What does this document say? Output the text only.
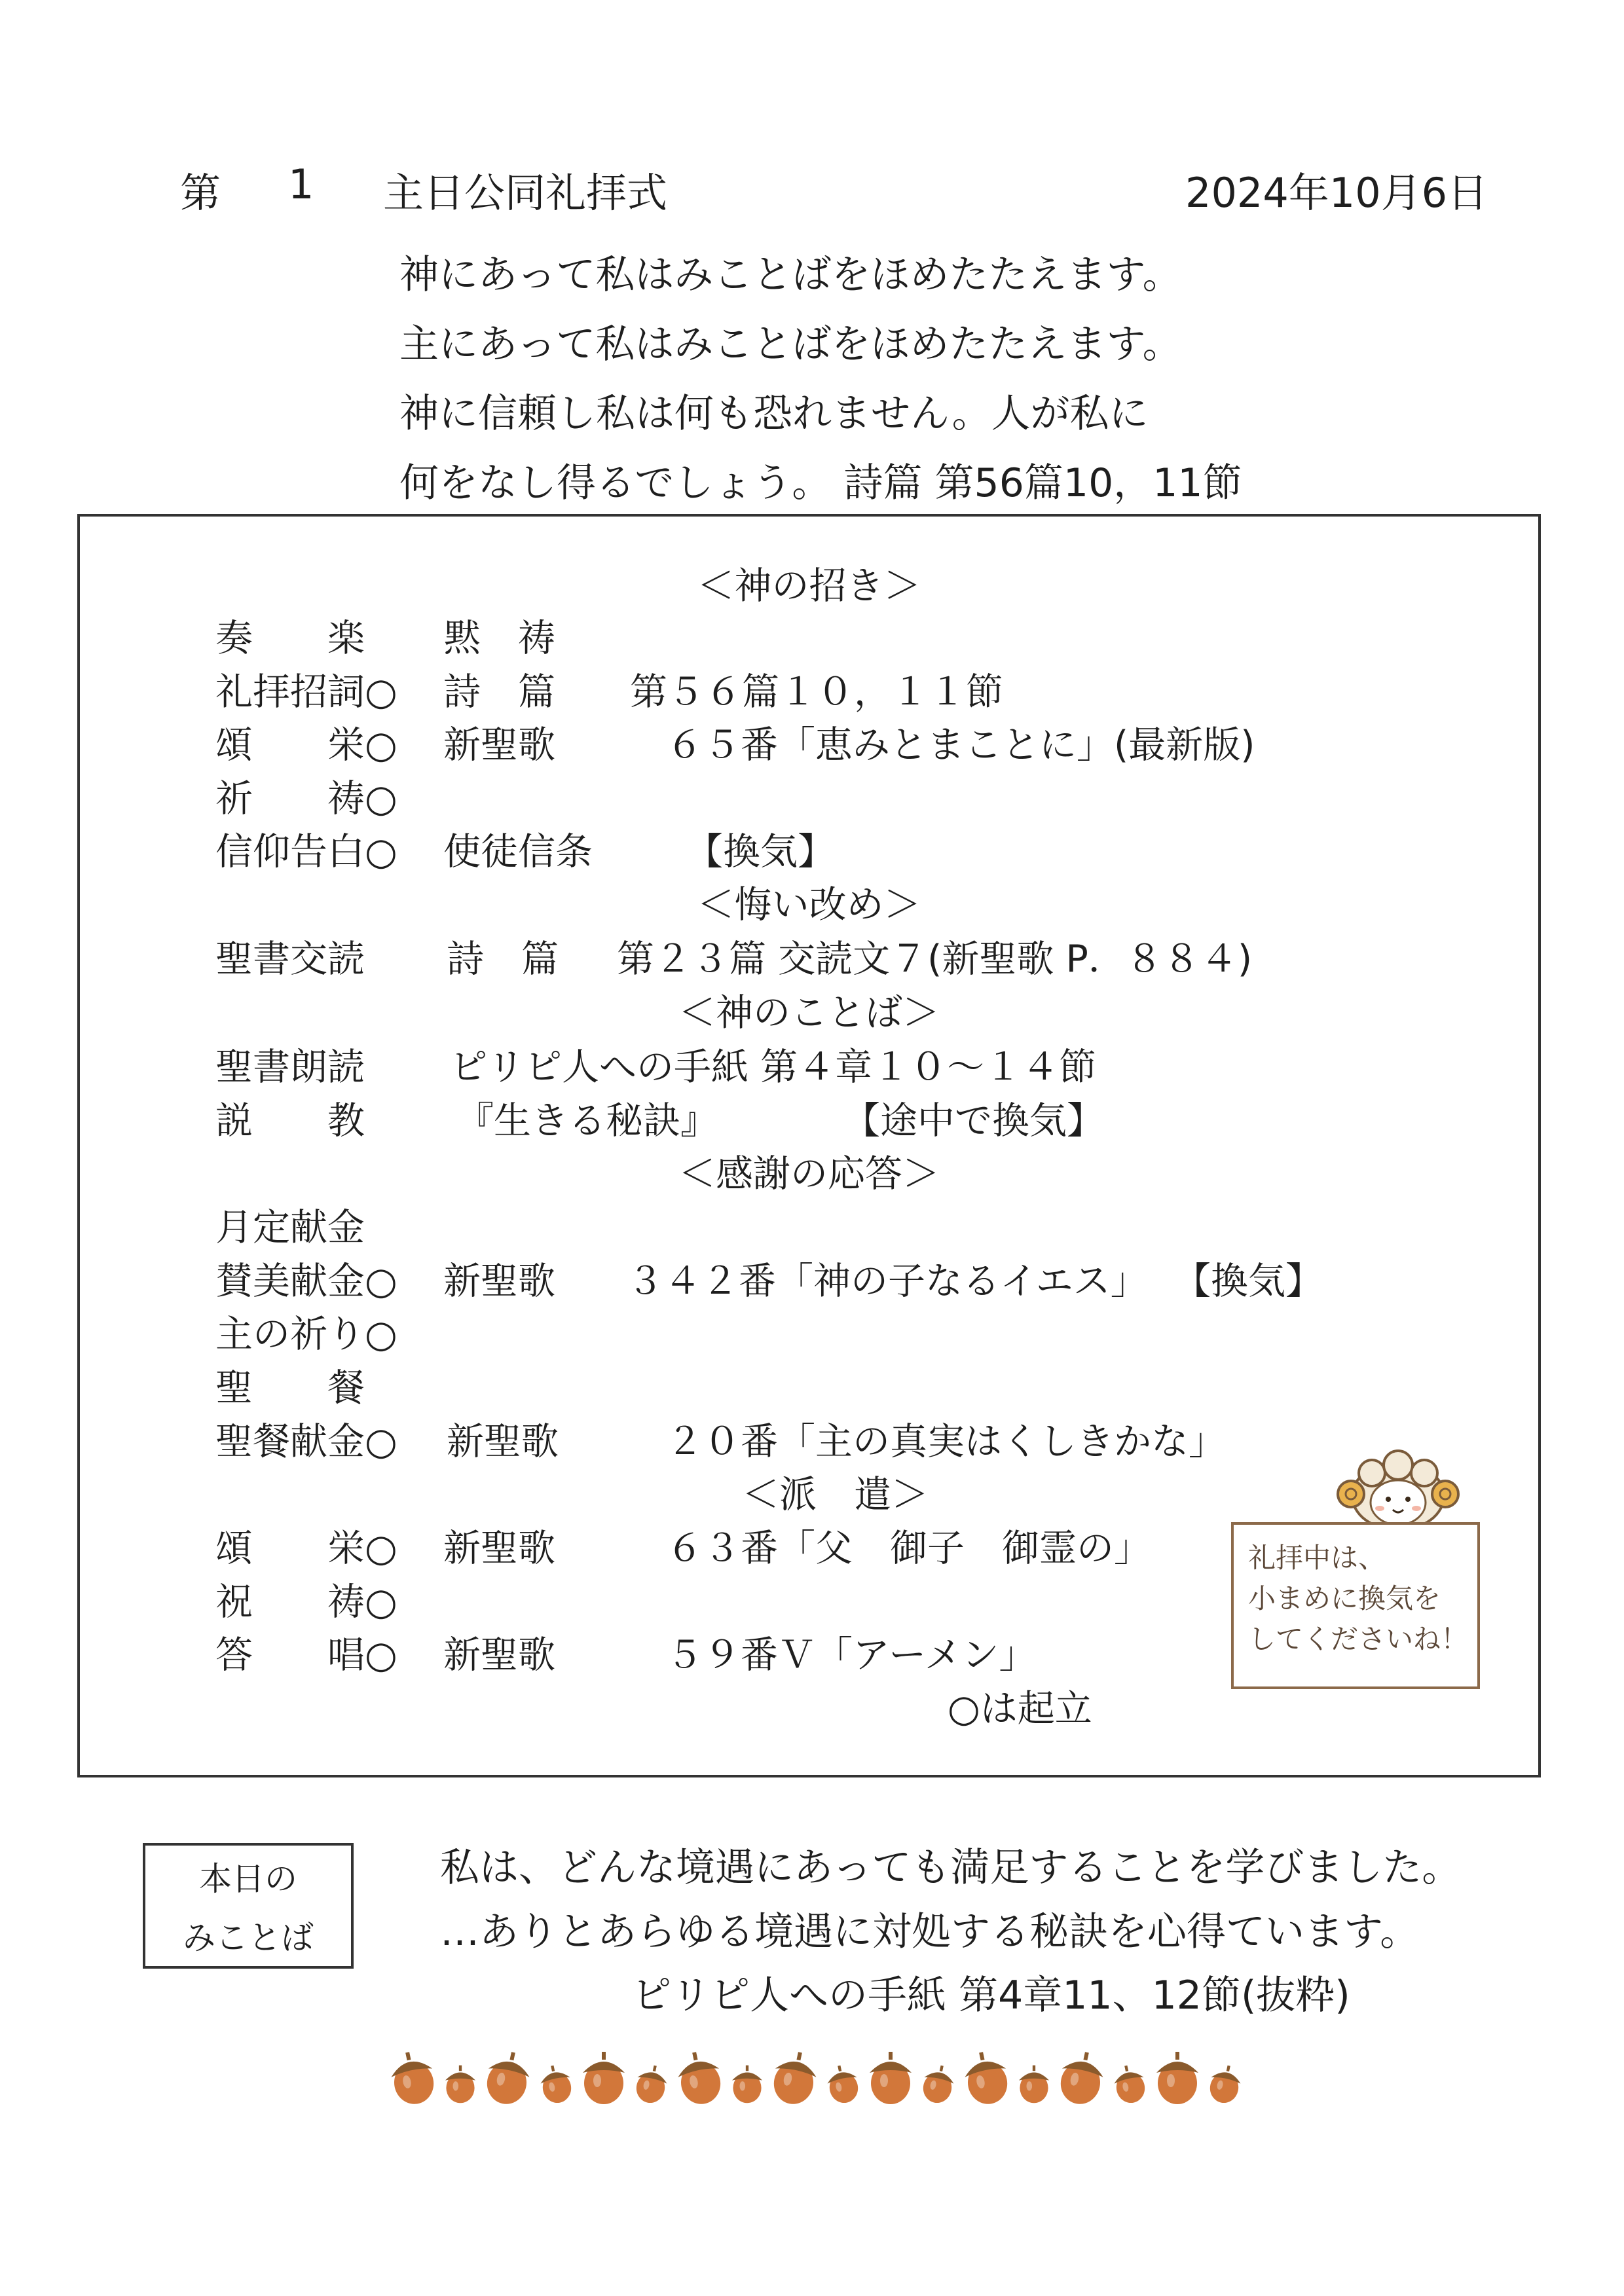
第 1 主日公同礼拝式	2024年10月6日
神にあって私はみことばをほめたたえます。
主にあって私はみことばをほめたたえます。
神に信頼し私は何も恐れません。人が私に
何をなし得るでしょう。 詩篇 第56篇10，11節
＜神の招き＞
奏　　楽 黙　祷
礼拝招詞○ 詩　篇 第５６篇１０，１１節
頌　　栄○ 新聖歌	６５番「恵みとまことに」(最新版)
祈　　祷○
信仰告白○ 使徒信条 【換気】
＜悔い改め＞
聖書交読 詩　篇 第２３篇 交読文７(新聖歌 P．８８４)
＜神のことば＞
聖書朗読 ピリピ人への手紙 第４章１０～１４節
説　　教 『生きる秘訣』	【途中で換気】
＜感謝の応答＞
月定献金
賛美献金○ 新聖歌 ３４２番「神の子なるイエス」 【換気】
主の祈り○
聖　　餐
聖餐献金○ 新聖歌	２０番「主の真実はくしきかな」
＜派　遣＞
頌　　栄○ 新聖歌	６３番「父　御子　御霊の」
祝　　祷○
答　　唱○ 新聖歌	５９番Ｖ「アーメン」
○は起立
礼拝中は、
小まめに換気を
してくださいね！
本日の
みことば
私は、どんな境遇にあっても満足することを学びました。
…ありとあらゆる境遇に対処する秘訣を心得ています。
ピリピ人への手紙 第4章11、12節(抜粋)
